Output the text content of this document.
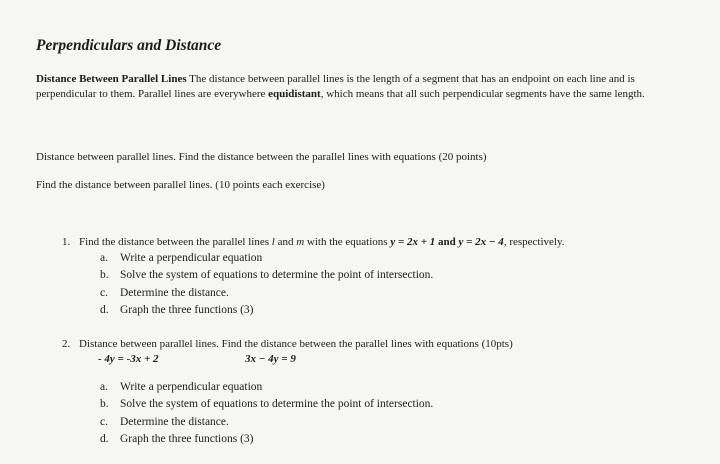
Perpendiculars and Distance
Distance Between Parallel Lines The distance between parallel lines is the length of a segment that has an endpoint on each line and is perpendicular to them. Parallel lines are everywhere equidistant, which means that all such perpendicular segments have the same length.
Distance between parallel lines. Find the distance between the parallel lines with equations (20 points)
Find the distance between parallel lines. (10 points each exercise)
1. Find the distance between the parallel lines l and m with the equations y = 2x + 1 and y = 2x − 4, respectively.
a. Write a perpendicular equation
b. Solve the system of equations to determine the point of intersection.
c. Determine the distance.
d. Graph the three functions (3)
2. Distance between parallel lines. Find the distance between the parallel lines with equations (10pts)
- 4y = -3x + 2	3x − 4y = 9
a. Write a perpendicular equation
b. Solve the system of equations to determine the point of intersection.
c. Determine the distance.
d. Graph the three functions (3)
